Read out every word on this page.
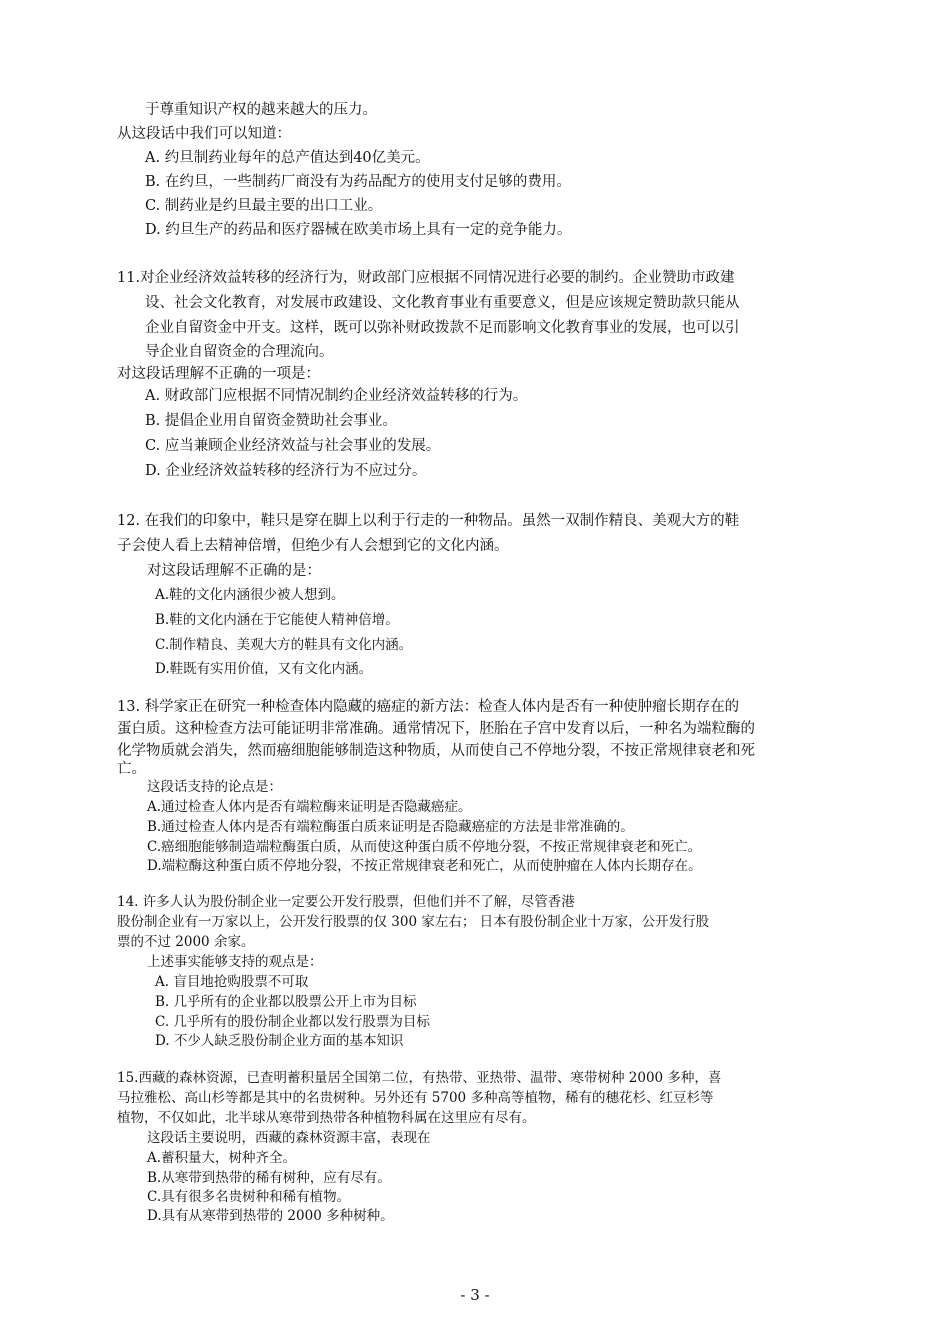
于尊重知识产权的越来越大的压力。
从这段话中我们可以知道：
A. 约旦制药业每年的总产值达到40亿美元。
B. 在约旦，一些制药厂商没有为药品配方的使用支付足够的费用。
C. 制药业是约旦最主要的出口工业。
D. 约旦生产的药品和医疗器械在欧美市场上具有一定的竞争能力。
11.对企业经济效益转移的经济行为，财政部门应根据不同情况进行必要的制约。企业赞助市政建
设、社会文化教育，对发展市政建设、文化教育事业有重要意义，但是应该规定赞助款只能从
企业自留资金中开支。这样，既可以弥补财政拨款不足而影响文化教育事业的发展，也可以引
导企业自留资金的合理流向。
对这段话理解不正确的一项是：
A. 财政部门应根据不同情况制约企业经济效益转移的行为。
B. 提倡企业用自留资金赞助社会事业。
C. 应当兼顾企业经济效益与社会事业的发展。
D. 企业经济效益转移的经济行为不应过分。
12. 在我们的印象中，鞋只是穿在脚上以利于行走的一种物品。虽然一双制作精良、美观大方的鞋
子会使人看上去精神倍增，但绝少有人会想到它的文化内涵。
对这段话理解不正确的是：
A.鞋的文化内涵很少被人想到。
B.鞋的文化内涵在于它能使人精神倍增。
C.制作精良、美观大方的鞋具有文化内涵。
D.鞋既有实用价值，又有文化内涵。
13. 科学家正在研究一种检查体内隐藏的癌症的新方法：检查人体内是否有一种使肿瘤长期存在的
蛋白质。这种检查方法可能证明非常准确。通常情况下，胚胎在子宫中发育以后，一种名为端粒酶的
化学物质就会消失，然而癌细胞能够制造这种物质，从而使自己不停地分裂，不按正常规律衰老和死
亡。
这段话支持的论点是：
A.通过检查人体内是否有端粒酶来证明是否隐藏癌症。
B.通过检查人体内是否有端粒酶蛋白质来证明是否隐藏癌症的方法是非常准确的。
C.癌细胞能够制造端粒酶蛋白质，从而使这种蛋白质不停地分裂，不按正常规律衰老和死亡。
D.端粒酶这种蛋白质不停地分裂，不按正常规律衰老和死亡，从而使肿瘤在人体内长期存在。
14. 许多人认为股份制企业一定要公开发行股票，但他们并不了解，尽管香港
股份制企业有一万家以上，公开发行股票的仅 300 家左右； 日本有股份制企业十万家，公开发行股
票的不过 2000 余家。
上述事实能够支持的观点是：
A. 盲目地抢购股票不可取
B. 几乎所有的企业都以股票公开上市为目标
C. 几乎所有的股份制企业都以发行股票为目标
D. 不少人缺乏股份制企业方面的基本知识
15.西藏的森林资源，已查明蓄积量居全国第二位，有热带、亚热带、温带、寒带树种 2000 多种，喜
马拉雅松、高山杉等都是其中的名贵树种。另外还有 5700 多种高等植物，稀有的穗花杉、红豆杉等
植物，不仅如此，北半球从寒带到热带各种植物科属在这里应有尽有。
这段话主要说明，西藏的森林资源丰富，表现在
A.蓄积量大，树种齐全。
B.从寒带到热带的稀有树种，应有尽有。
C.具有很多名贵树种和稀有植物。
D.具有从寒带到热带的 2000 多种树种。
- 3 -
